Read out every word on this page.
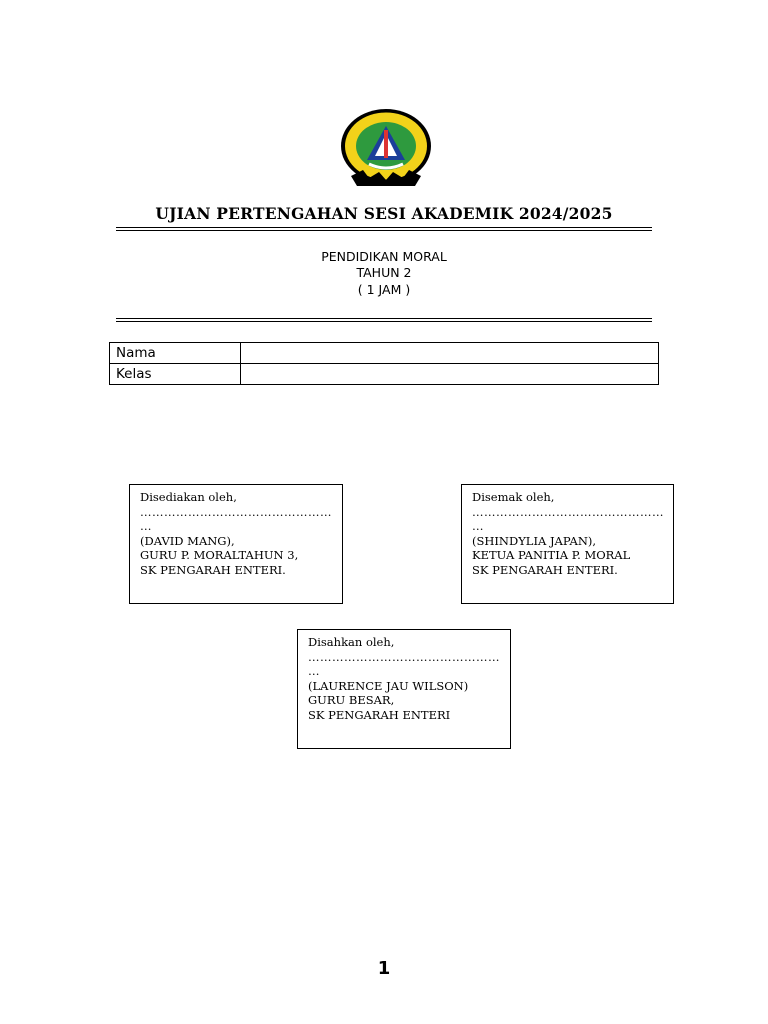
UJIAN PERTENGAHAN SESI AKADEMIK 2024/2025
PENDIDIKAN MORAL
TAHUN 2
( 1 JAM )
Nama	
Kelas	
Disediakan oleh,
…………………………………………
…
(DAVID MANG),
GURU P. MORALTAHUN 3,
SK PENGARAH ENTERI.
Disemak oleh,
…………………………………………
…
(SHINDYLIA JAPAN),
KETUA PANITIA P. MORAL
SK PENGARAH ENTERI.
Disahkan oleh,
…………………………………………
…
(LAURENCE JAU WILSON)
GURU BESAR,
SK PENGARAH ENTERI
1
